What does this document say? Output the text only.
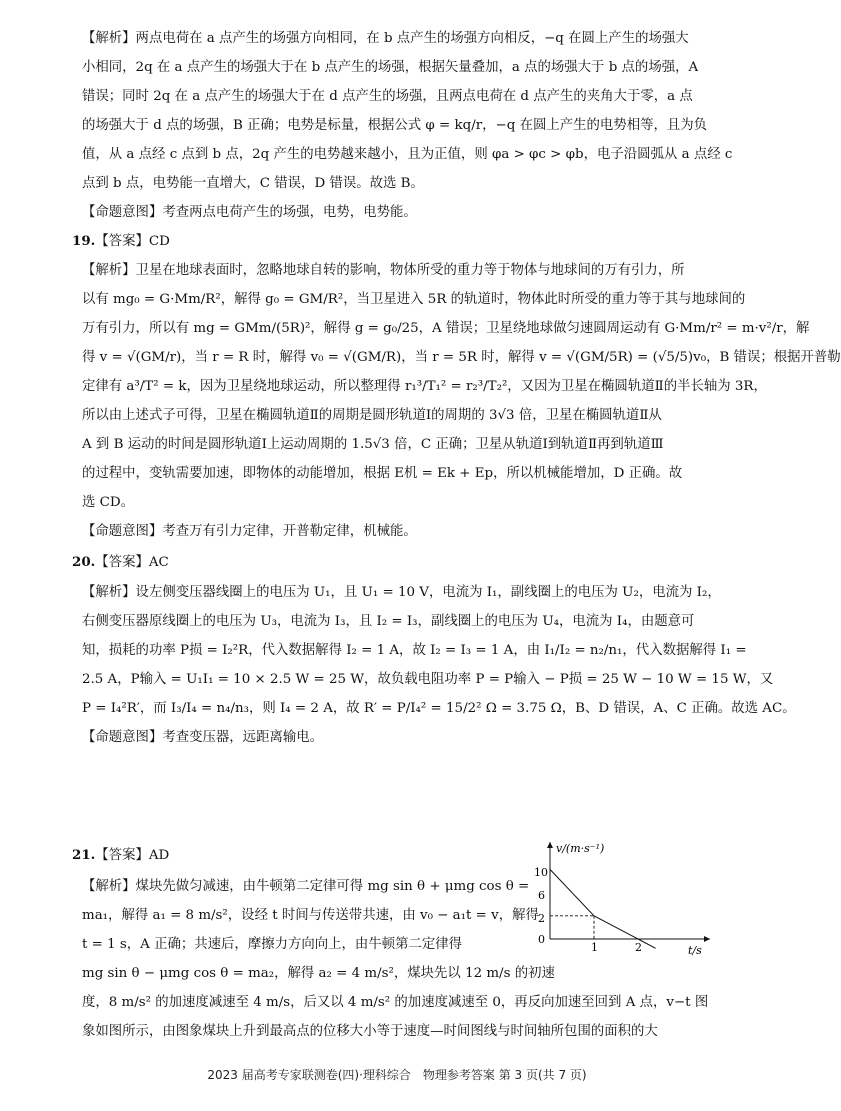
【解析】两点电荷在 a 点产生的场强方向相同，在 b 点产生的场强方向相反，−q 在圆上产生的场强大

小相同，2q 在 a 点产生的场强大于在 b 点产生的场强，根据矢量叠加，a 点的场强大于 b 点的场强，A

错误；同时 2q 在 a 点产生的场强大于在 d 点产生的场强，且两点电荷在 d 点产生的夹角大于零，a 点

的场强大于 d 点的场强，B 正确；电势是标量，根据公式 φ = kq/r，−q 在圆上产生的电势相等，且为负

值，从 a 点经 c 点到 b 点，2q 产生的电势越来越小，且为正值，则 φa > φc > φb，电子沿圆弧从 a 点经 c

点到 b 点，电势能一直增大，C 错误，D 错误。故选 B。

【命题意图】考查两点电荷产生的场强，电势，电势能。

19.【答案】CD

【解析】卫星在地球表面时，忽略地球自转的影响，物体所受的重力等于物体与地球间的万有引力，所

以有 mg₀ = G·Mm/R²，解得 g₀ = GM/R²，当卫星进入 5R 的轨道时，物体此时所受的重力等于其与地球间的

万有引力，所以有 mg = GMm/(5R)²，解得 g = g₀/25，A 错误；卫星绕地球做匀速圆周运动有 G·Mm/r² = m·v²/r，解

得 v = √(GM/r)，当 r = R 时，解得 v₀ = √(GM/R)，当 r = 5R 时，解得 v = √(GM/5R) = (√5/5)v₀，B 错误；根据开普勒

定律有 a³/T² = k，因为卫星绕地球运动，所以整理得 r₁³/T₁² = r₂³/T₂²，又因为卫星在椭圆轨道Ⅱ的半长轴为 3R，

所以由上述式子可得，卫星在椭圆轨道Ⅱ的周期是圆形轨道Ⅰ的周期的 3√3 倍，卫星在椭圆轨道Ⅱ从

A 到 B 运动的时间是圆形轨道Ⅰ上运动周期的 1.5√3 倍，C 正确；卫星从轨道Ⅰ到轨道Ⅱ再到轨道Ⅲ

的过程中，变轨需要加速，即物体的动能增加，根据 E机 = Ek + Ep，所以机械能增加，D 正确。故

选 CD。

【命题意图】考查万有引力定律，开普勒定律，机械能。

20.【答案】AC

【解析】设左侧变压器线圈上的电压为 U₁，且 U₁ = 10 V，电流为 I₁，副线圈上的电压为 U₂，电流为 I₂，

右侧变压器原线圈上的电压为 U₃，电流为 I₃，且 I₂ = I₃，副线圈上的电压为 U₄，电流为 I₄，由题意可

知，损耗的功率 P损 = I₂²R，代入数据解得 I₂ = 1 A，故 I₂ = I₃ = 1 A，由 I₁/I₂ = n₂/n₁，代入数据解得 I₁ =

2.5 A，P输入 = U₁I₁ = 10 × 2.5 W = 25 W，故负载电阻功率 P = P输入 − P损 = 25 W − 10 W = 15 W，又

P = I₄²R′，而 I₃/I₄ = n₄/n₃，则 I₄ = 2 A，故 R′ = P/I₄² = 15/2² Ω = 3.75 Ω，B、D 错误，A、C 正确。故选 AC。

【命题意图】考查变压器，远距离输电。

21.【答案】AD

【解析】煤块先做匀减速，由牛顿第二定律可得 mg sin θ + μmg cos θ =

ma₁，解得 a₁ = 8 m/s²，设经 t 时间与传送带共速，由 v₀ − a₁t = v，解得

t = 1 s，A 正确；共速后，摩擦力方向向上，由牛顿第二定律得

mg sin θ − μmg cos θ = ma₂，解得 a₂ = 4 m/s²，煤块先以 12 m/s 的初速

度，8 m/s² 的加速度减速至 4 m/s，后又以 4 m/s² 的加速度减速至 0，再反向加速至回到 A 点，v−t 图

象如图所示，由图象煤块上升到最高点的位移大小等于速度—时间图线与时间轴所包围的面积的大

v/(m·s⁻¹)
t/s
10
6
2
0
1	2
2023 届高考专家联测卷(四)·理科综合　物理参考答案 第 3 页(共 7 页)
